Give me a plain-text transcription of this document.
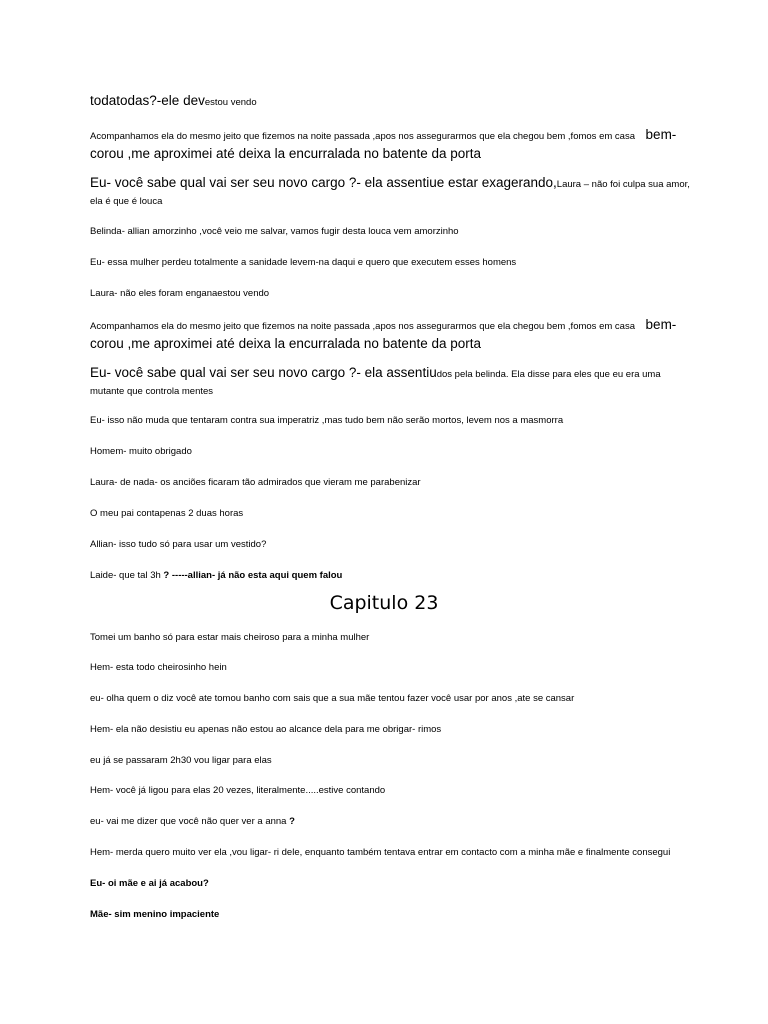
todatodas?-ele devestou vendo

Acompanhamos ela do mesmo jeito que fizemos na noite passada ,apos nos assegurarmos que ela chegou bem ,fomos em casa bem-corou ,me aproximei até deixa la encurralada no batente da porta

Eu- você sabe qual vai ser seu novo cargo ?- ela assentiue estar exagerando,Laura – não foi culpa sua amor, ela é que é louca

Belinda- allian amorzinho ,você veio me salvar, vamos fugir desta louca vem amorzinho

Eu- essa mulher perdeu totalmente a sanidade levem-na daqui e quero que executem esses homens

Laura- não eles foram enganaestou vendo

Acompanhamos ela do mesmo jeito que fizemos na noite passada ,apos nos assegurarmos que ela chegou bem ,fomos em casa bem-corou ,me aproximei até deixa la encurralada no batente da porta

Eu- você sabe qual vai ser seu novo cargo ?- ela assentiudos pela belinda. Ela disse para eles que eu era uma mutante que controla mentes

Eu- isso não muda que tentaram contra sua imperatriz ,mas tudo bem não serão mortos, levem nos a masmorra

Homem- muito obrigado

Laura- de nada- os anciões ficaram tão admirados que vieram me parabenizar

O meu pai contapenas 2 duas horas

Allian- isso tudo só para usar um vestido?

Laide- que tal 3h ? -----allian- já não esta aqui quem falou

Capitulo 23

Tomei um banho só para estar mais cheiroso para a minha mulher

Hem- esta todo cheirosinho hein

eu- olha quem o diz você ate tomou banho com sais que a sua mãe tentou fazer você usar por anos ,ate se cansar

Hem- ela não desistiu eu apenas não estou ao alcance dela para me obrigar- rimos

eu já se passaram 2h30 vou ligar para elas

Hem- você já ligou para elas 20 vezes, literalmente.....estive contando

eu- vai me dizer que você não quer ver a anna ?

Hem- merda quero muito ver ela ,vou ligar- ri dele, enquanto também tentava entrar em contacto com a minha mãe e finalmente consegui

Eu- oi mãe e ai já acabou?

Mãe- sim menino impaciente
